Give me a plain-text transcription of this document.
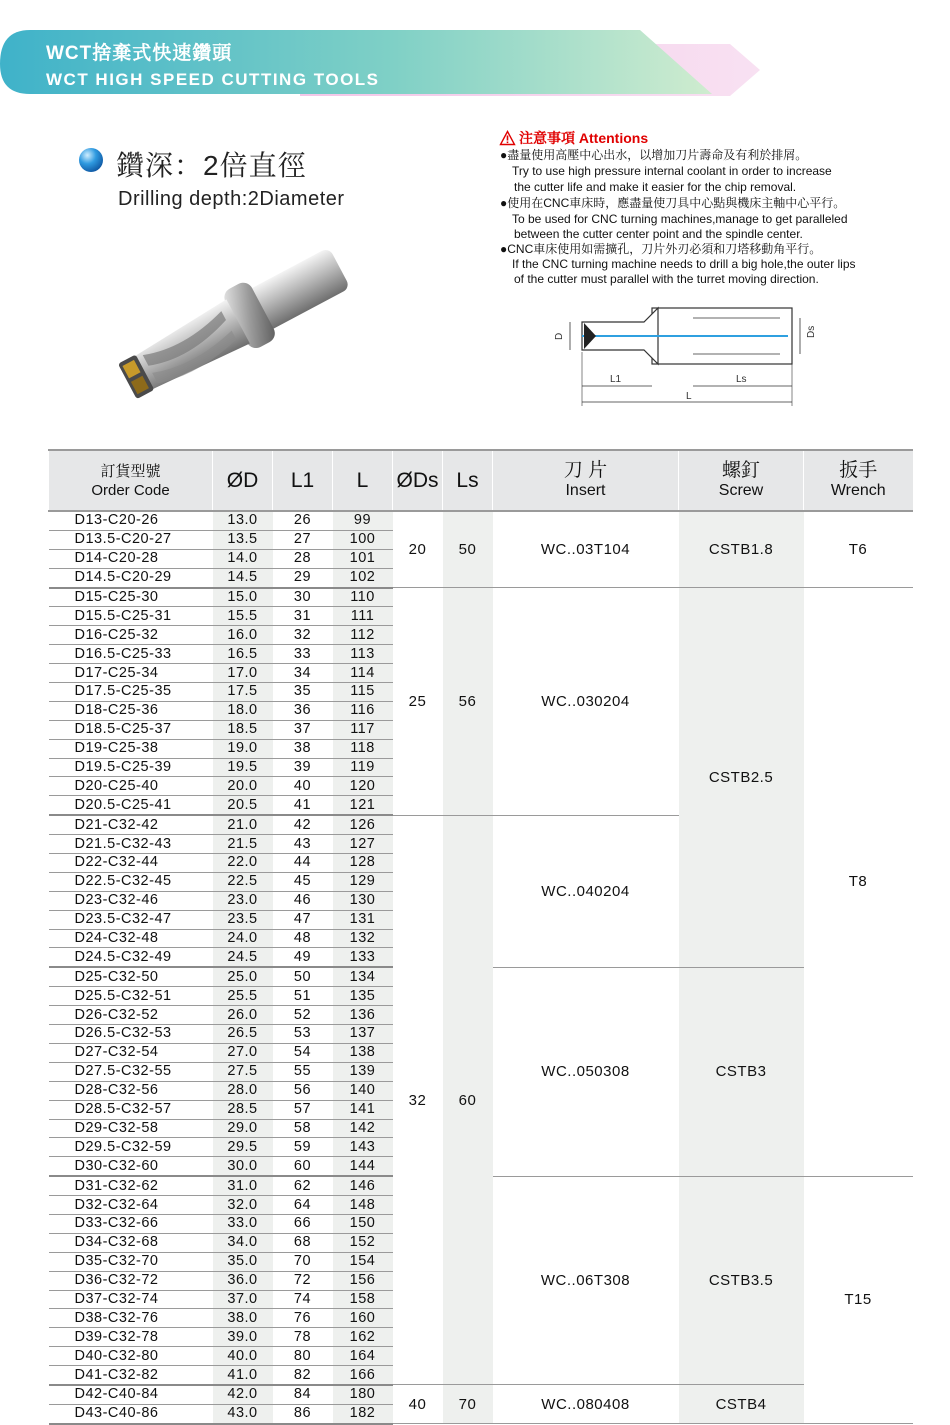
WCT捨棄式快速鑽頭
WCT HIGH SPEED CUTTING TOOLS
鑽深：2倍直徑
Drilling depth:2Diameter
注意事項 Attentions
●盡量使用高壓中心出水，以增加刀片壽命及有利於排屑。
Try to use high pressure internal coolant in order to increase
the cutter life and make it easier for the chip removal.
●使用在CNC車床時，應盡量使刀具中心點與機床主軸中心平行。
To be used for CNC turning machines,manage to get paralleled
between the cutter center point and the spindle center.
●CNC車床使用如需擴孔，刀片外刃必須和刀塔移動角平行。
If the CNC turning machine needs to drill a big hole,the outer lips
of the cutter must parallel with the turret moving direction.
D	Ds
L1	Ls
L
訂貨型號
Order Code	ØD	L1	L	ØDs	Ls	刀 片
Insert	螺釘
Screw	扳手
Wrench
D13-C20-26	13.0	26	99	20	50	WC..03T104	CSTB1.8	T6
D13.5-C20-27	13.5	27	100					
D14-C20-28	14.0	28	101					
D14.5-C20-29	14.5	29	102					
D15-C25-30	15.0	30	110	25	56	WC..030204	CSTB2.5	T8
D15.5-C25-31	15.5	31	111					
D16-C25-32	16.0	32	112					
D16.5-C25-33	16.5	33	113					
D17-C25-34	17.0	34	114					
D17.5-C25-35	17.5	35	115					
D18-C25-36	18.0	36	116					
D18.5-C25-37	18.5	37	117					
D19-C25-38	19.0	38	118					
D19.5-C25-39	19.5	39	119					
D20-C25-40	20.0	40	120					
D20.5-C25-41	20.5	41	121					
D21-C32-42	21.0	42	126	32	60	WC..040204		
D21.5-C32-43	21.5	43	127					
D22-C32-44	22.0	44	128					
D22.5-C32-45	22.5	45	129					
D23-C32-46	23.0	46	130					
D23.5-C32-47	23.5	47	131					
D24-C32-48	24.0	48	132					
D24.5-C32-49	24.5	49	133					
D25-C32-50	25.0	50	134			WC..050308	CSTB3	
D25.5-C32-51	25.5	51	135					
D26-C32-52	26.0	52	136					
D26.5-C32-53	26.5	53	137					
D27-C32-54	27.0	54	138					
D27.5-C32-55	27.5	55	139					
D28-C32-56	28.0	56	140					
D28.5-C32-57	28.5	57	141					
D29-C32-58	29.0	58	142					
D29.5-C32-59	29.5	59	143					
D30-C32-60	30.0	60	144					
D31-C32-62	31.0	62	146			WC..06T308	CSTB3.5	T15
D32-C32-64	32.0	64	148					
D33-C32-66	33.0	66	150					
D34-C32-68	34.0	68	152					
D35-C32-70	35.0	70	154					
D36-C32-72	36.0	72	156					
D37-C32-74	37.0	74	158					
D38-C32-76	38.0	76	160					
D39-C32-78	39.0	78	162					
D40-C32-80	40.0	80	164					
D41-C32-82	41.0	82	166					
D42-C40-84	42.0	84	180	40	70	WC..080408	CSTB4	
D43-C40-86	43.0	86	182					
